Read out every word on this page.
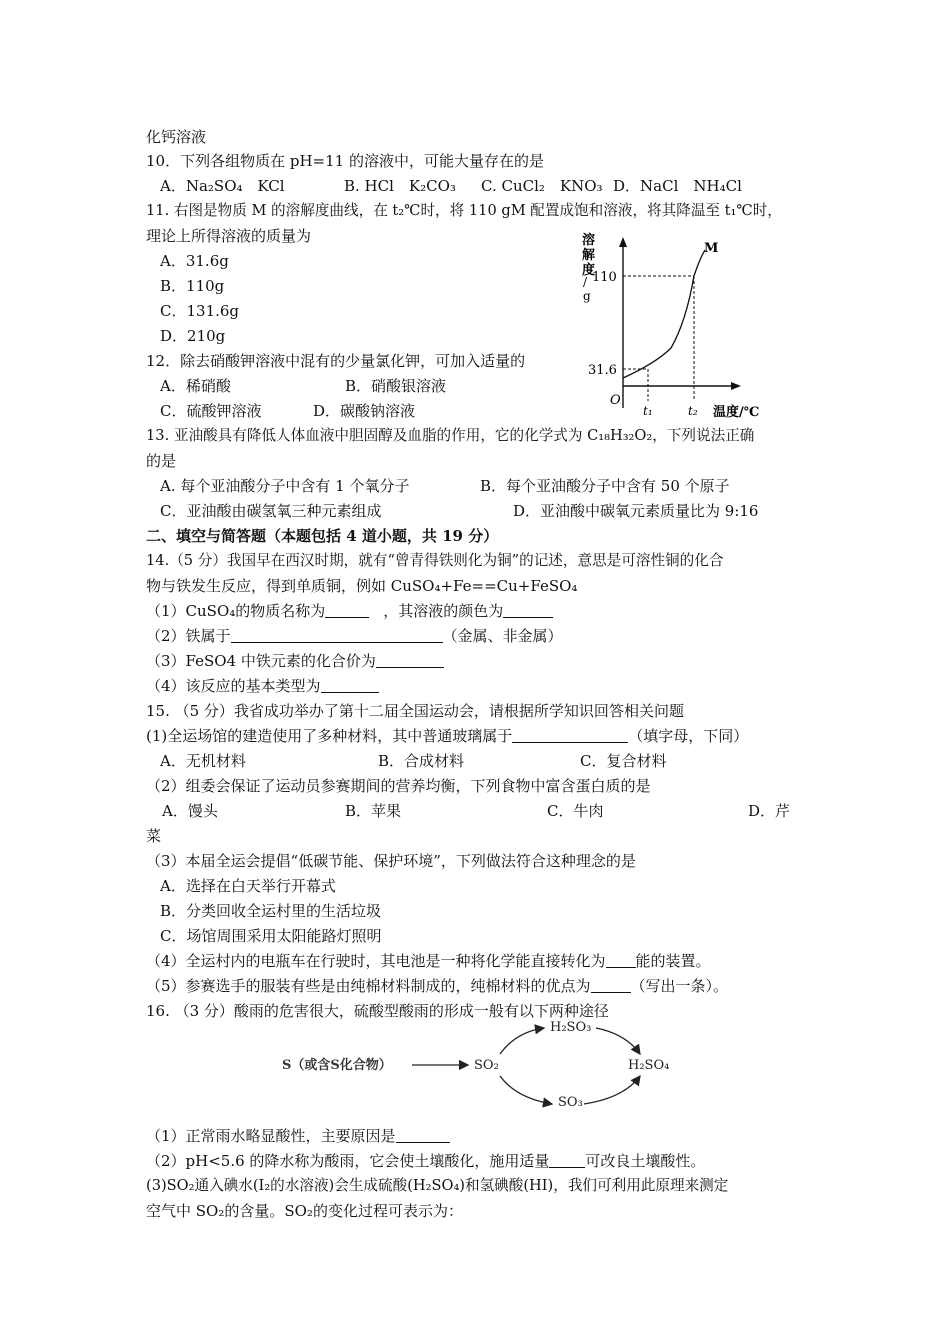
化钙溶液
10．下列各组物质在 pH=11 的溶液中，可能大量存在的是
A．Na₂SO₄　KCl	B. HCl　K₂CO₃ C. CuCl₂　KNO₃ D．NaCl　NH₄Cl
11. 右图是物质 M 的溶解度曲线，在 t₂℃时，将 110 gM 配置成饱和溶液，将其降温至 t₁℃时，
理论上所得溶液的质量为
A．31.6g
B．110g
C．131.6g
D．210g
溶
解
度
/
g
M
110
31.6
O
t₁	t₂ 温度/℃
12．除去硝酸钾溶液中混有的少量氯化钾，可加入适量的
A．稀硝酸	B．硝酸银溶液
C．硫酸钾溶液	D．碳酸钠溶液
13. 亚油酸具有降低人体血液中胆固醇及血脂的作用，它的化学式为 C₁₈H₃₂O₂，下列说法正确
的是
A. 每个亚油酸分子中含有 1 个氧分子	B．每个亚油酸分子中含有 50 个原子
C．亚油酸由碳氢氧三种元素组成	D．亚油酸中碳氧元素质量比为 9:16
二、填空与简答题（本题包括 4 道小题，共 19 分）
14.（5 分）我国早在西汉时期，就有“曾青得铁则化为铜”的记述，意思是可溶性铜的化合
物与铁发生反应，得到单质铜，例如 CuSO₄+Fe==Cu+FeSO₄
（1）CuSO₄的物质名称为	，其溶液的颜色为
（2）铁属于	（金属、非金属）
（3）FeSO4 中铁元素的化合价为
（4）该反应的基本类型为
15. （5 分）我省成功举办了第十二届全国运动会，请根据所学知识回答相关问题
(1)全运场馆的建造使用了多种材料，其中普通玻璃属于	（填字母，下同）
A．无机材料	B．合成材料	C．复合材料
（2）组委会保证了运动员参赛期间的营养均衡，下列食物中富含蛋白质的是
A．馒头	B．苹果	C．牛肉	D．芹
菜
（3）本届全运会提倡“低碳节能、保护环境”，下列做法符合这种理念的是
A．选择在白天举行开幕式
B．分类回收全运村里的生活垃圾
C．场馆周围采用太阳能路灯照明
（4）全运村内的电瓶车在行驶时，其电池是一种将化学能直接转化为 能的装置。
（5）参赛选手的服装有些是由纯棉材料制成的，纯棉材料的优点为	（写出一条）。
16. （3 分）酸雨的危害很大，硫酸型酸雨的形成一般有以下两种途径
S（或含S化合物）	SO₂
H₂SO₃
H₂SO₄
SO₃
（1）正常雨水略显酸性，主要原因是
（2）pH<5.6 的降水称为酸雨，它会使土壤酸化，施用适量 可改良土壤酸性。
(3)SO₂通入碘水(I₂的水溶液)会生成硫酸(H₂SO₄)和氢碘酸(HI)，我们可利用此原理来测定
空气中 SO₂的含量。SO₂的变化过程可表示为：
